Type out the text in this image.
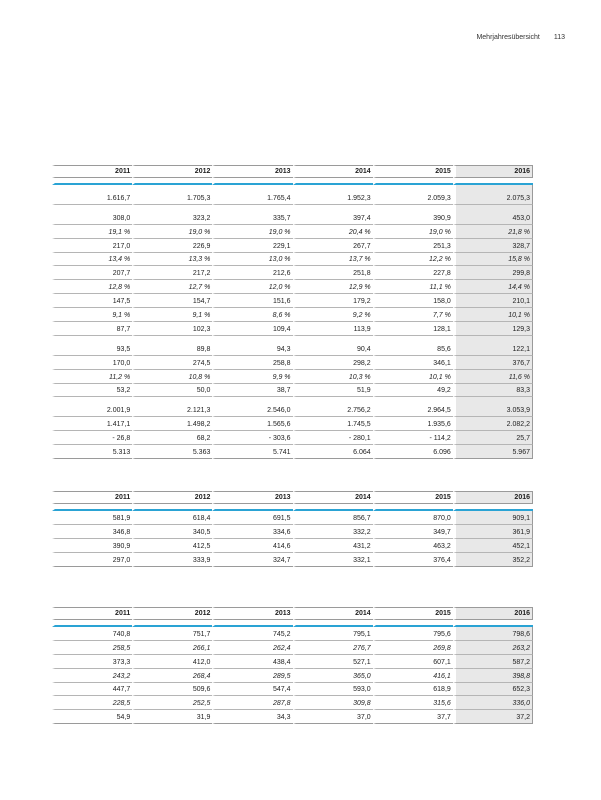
Mehrjahresübersicht 113
	2011	2012	2013	2014	2015	2016

	1.616,7	1.705,3	1.765,4	1.952,3	2.059,3	2.075,3

	308,0	323,2	335,7	397,4	390,9	453,0
	19,1 %	19,0 %	19,0 %	20,4 %	19,0 %	21,8 %
	217,0	226,9	229,1	267,7	251,3	328,7
	13,4 %	13,3 %	13,0 %	13,7 %	12,2 %	15,8 %
	207,7	217,2	212,6	251,8	227,8	299,8
	12,8 %	12,7 %	12,0 %	12,9 %	11,1 %	14,4 %
	147,5	154,7	151,6	179,2	158,0	210,1
	9,1 %	9,1 %	8,6 %	9,2 %	7,7 %	10,1 %
	87,7	102,3	109,4	113,9	128,1	129,3

	93,5	89,8	94,3	90,4	85,6	122,1
	170,0	274,5	258,8	298,2	346,1	376,7
	11,2 %	10,8 %	9,9 %	10,3 %	10,1 %	11,6 %
	53,2	50,0	38,7	51,9	49,2	83,3

	2.001,9	2.121,3	2.546,0	2.756,2	2.964,5	3.053,9
	1.417,1	1.498,2	1.565,6	1.745,5	1.935,6	2.082,2
	- 26,8	68,2	- 303,6	- 280,1	- 114,2	25,7
	5.313	5.363	5.741	6.064	6.096	5.967
	2011	2012	2013	2014	2015	2016

	581,9	618,4	691,5	856,7	870,0	909,1
	346,8	340,5	334,6	332,2	349,7	361,9
	390,9	412,5	414,6	431,2	463,2	452,1
	297,0	333,9	324,7	332,1	376,4	352,2
	2011	2012	2013	2014	2015	2016

	740,8	751,7	745,2	795,1	795,6	798,6
	258,5	266,1	262,4	276,7	269,8	263,2
	373,3	412,0	438,4	527,1	607,1	587,2
	243,2	268,4	289,5	365,0	416,1	398,8
	447,7	509,6	547,4	593,0	618,9	652,3
	228,5	252,5	287,8	309,8	315,6	336,0
	54,9	31,9	34,3	37,0	37,7	37,2
